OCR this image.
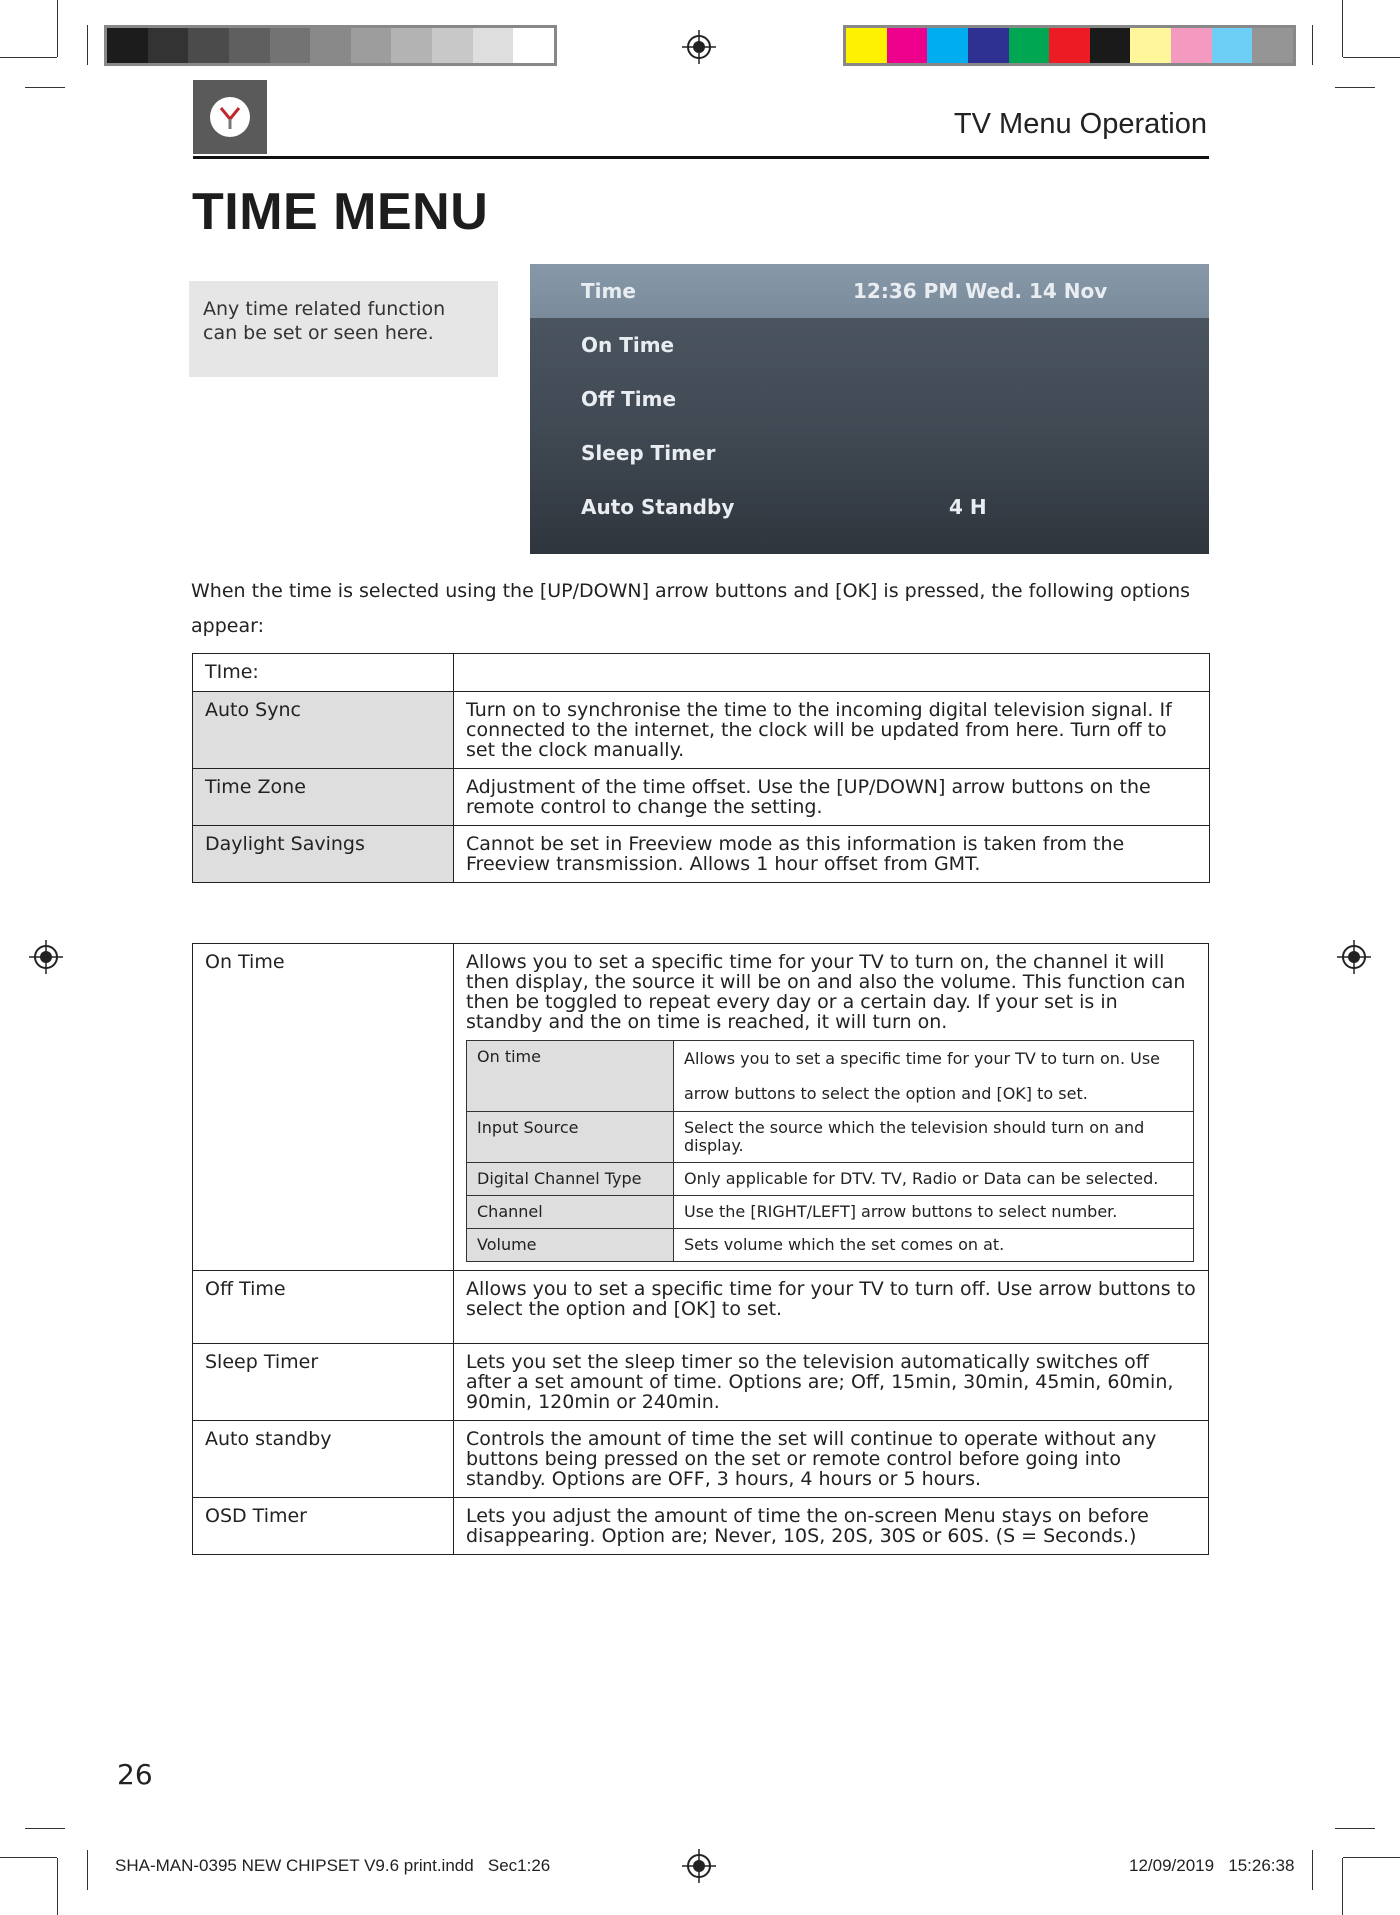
TV Menu Operation
TIME MENU
Any time related function can be set or seen here.
Time	12:36 PM Wed. 14 Nov
On Time
Off Time
Sleep Timer
Auto Standby	4 H
When the time is selected using the [UP/DOWN] arrow buttons and [OK] is pressed, the following options appear:
TIme:	
Auto Sync	Turn on to synchronise the time to the incoming digital television signal. If connected to the internet, the clock will be updated from here. Turn off to set the clock manually.
Time Zone	Adjustment of the time offset. Use the [UP/DOWN] arrow buttons on the remote control to change the setting.
Daylight Savings	Cannot be set in Freeview mode as this information is taken from the Freeview transmission. Allows 1 hour offset from GMT.
On Time	Allows you to set a specific time for your TV to turn on, the channel it will then display, the source it will be on and also the volume. This function can then be toggled to repeat every day or a certain day. If your set is in standby and the on time is reached, it will turn on.
On time	Allows you to set a specific time for your TV to turn on. Use arrow buttons to select the option and [OK] to set.
Input Source	Select the source which the television should turn on and display.
Digital Channel Type	Only applicable for DTV. TV, Radio or Data can be selected.
Channel	Use the [RIGHT/LEFT] arrow buttons to select number.
Volume	Sets volume which the set comes on at.

Off Time	Allows you to set a specific time for your TV to turn off. Use arrow buttons to select the option and [OK] to set.
Sleep Timer	Lets you set the sleep timer so the television automatically switches off after a set amount of time. Options are; Off, 15min, 30min, 45min, 60min, 90min, 120min or 240min.
Auto standby	Controls the amount of time the set will continue to operate without any buttons being pressed on the set or remote control before going into standby. Options are OFF, 3 hours, 4 hours or 5 hours.
OSD Timer	Lets you adjust the amount of time the on-screen Menu stays on before disappearing. Option are; Never, 10S, 20S, 30S or 60S. (S = Seconds.)
26
SHA-MAN-0395 NEW CHIPSET V9.6 print.indd   Sec1:26	12/09/2019   15:26:38
